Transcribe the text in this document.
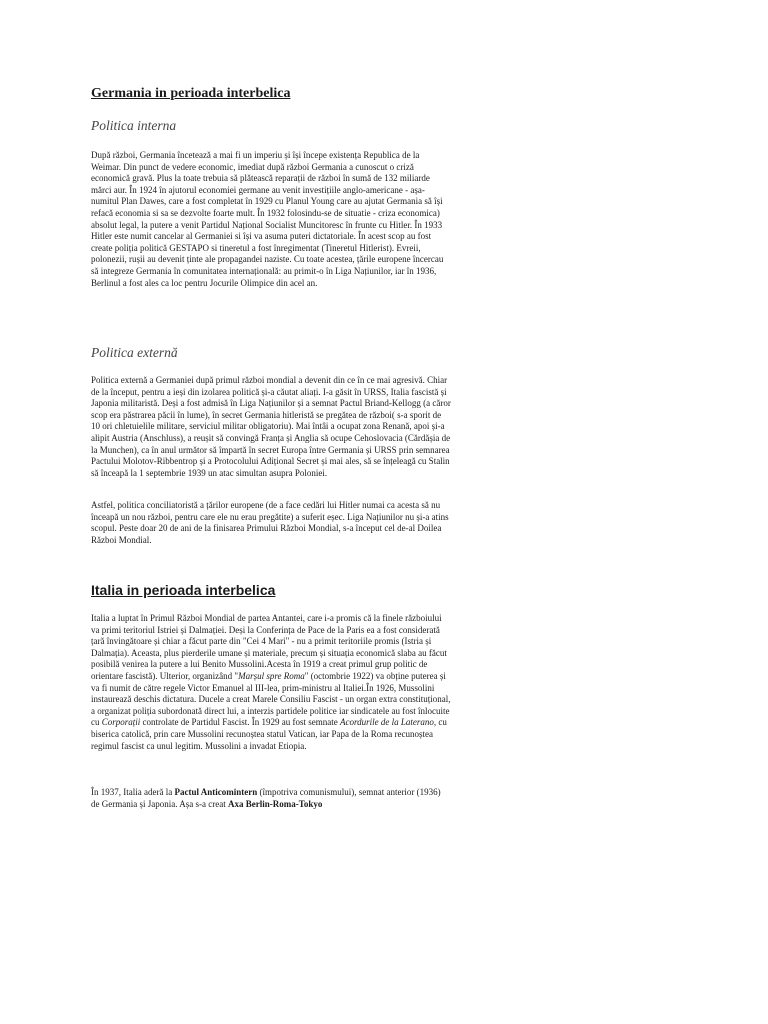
Germania in perioada interbelica
Politica interna

După război, Germania încetează a mai fi un imperiu și își începe existența Republica de la Weimar. Din punct de vedere economic, imediat după război Germania a cunoscut o criză economică gravă. Plus la toate trebuia să plătească reparații de război în sumă de 132 miliarde mărci aur. În 1924 în ajutorul economiei germane au venit investițiile anglo-americane - așa-numitul Plan Dawes, care a fost completat în 1929 cu Planul Young care au ajutat Germania să își refacă economia si sa se dezvolte foarte mult. În 1932 folosindu-se de situatie - criza economica) absolut legal, la putere a venit Partidul Național Socialist Muncitoresc în frunte cu Hitler. În 1933 Hitler este numit cancelar al Germaniei si își va asuma puteri dictatoriale. În acest scop au fost create poliția politică GESTAPO si tineretul a fost înregimentat (Tineretul Hitlerist). Evreii, polonezii, rușii au devenit ținte ale propagandei naziste. Cu toate acestea, țările europene încercau să integreze Germania în comunitatea internațională: au primit-o în Liga Națiunilor, iar în 1936, Berlinul a fost ales ca loc pentru Jocurile Olimpice din acel an.

Politica externă

Politica externă a Germaniei după primul război mondial a devenit din ce în ce mai agresivă. Chiar de la început, pentru a ieși din izolarea politică și-a căutat aliați. I-a găsit în URSS, Italia fascistă și Japonia militaristă. Deși a fost admisă în Liga Națiunilor și a semnat Pactul Briand-Kellogg (a căror scop era păstrarea păcii în lume), în secret Germania hitleristă se pregătea de război( s-a sporit de 10 ori chletuielile militare, serviciul militar obligatoriu). Mai întâi a ocupat zona Renană, apoi și-a alipit Austria (Anschluss), a reușit să convingă Franța și Anglia să ocupe Cehoslovacia (Cărdășia de la Munchen), ca în anul următor să împartă în secret Europa între Germania și URSS prin semnarea Pactului Molotov-Ribbentrop și a Protocolului Adițional Secret și mai ales, să se înțeleagă cu Stalin să înceapă la 1 septembrie 1939 un atac simultan asupra Poloniei.

Astfel, politica conciliatoristă a țărilor europene (de a face cedări lui Hitler numai ca acesta să nu înceapă un nou război, pentru care ele nu erau pregătite) a suferit eșec. Liga Națiunilor nu și-a atins scopul. Peste doar 20 de ani de la finisarea Primului Război Mondial, s-a început cel de-al Doilea Război Mondial.

Italia in perioada interbelica

Italia a luptat în Primul Război Mondial de partea Antantei, care i-a promis că la finele războiului va primi teritoriul Istriei și Dalmației. Deși la Conferința de Pace de la Paris ea a fost considerată țară învingătoare și chiar a făcut parte din "Cei 4 Mari" - nu a primit teritoriile promis (Istria și Dalmația). Aceasta, plus pierderile umane și materiale, precum și situația economică slaba au făcut posibilă venirea la putere a lui Benito Mussolini.Acesta în 1919 a creat primul grup politic de orientare fascistă). Ulterior, organizând "Marșul spre Roma" (octombrie 1922) va obține puterea și va fi numit de către regele Victor Emanuel al III-lea, prim-ministru al Italiei.În 1926, Mussolini instaurează deschis dictatura. Ducele a creat Marele Consiliu Fascist - un organ extra constituțional, a organizat poliția subordonată direct lui, a interzis partidele politice iar sindicatele au fost înlocuite cu Corporații controlate de Partidul Fascist. În 1929 au fost semnate Acordurile de la Laterano, cu biserica catolică, prin care Mussolini recunoștea statul Vatican, iar Papa de la Roma recunoștea regimul fascist ca unul legitim. Mussolini a invadat Etiopia.

În 1937, Italia aderă la Pactul Anticomintern (împotriva comunismului), semnat anterior (1936) de Germania și Japonia. Așa s-a creat Axa Berlin-Roma-Tokyo
